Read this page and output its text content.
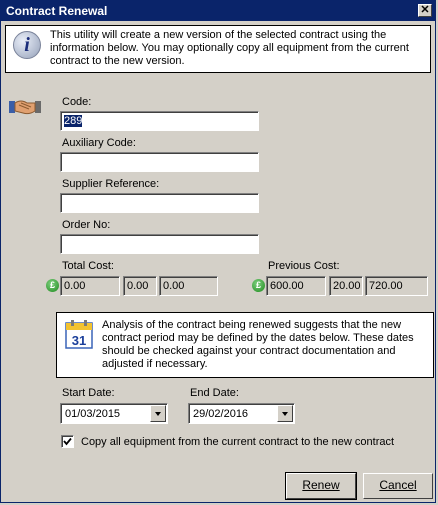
Contract Renewal	✕
i	This utility will create a new version of the selected contract using the information below. You may optionally copy all equipment from the current contract to the new version.
Code:
289
Auxiliary Code:
Supplier Reference:
Order No:
Total Cost:
£ 0.00	0.00	0.00
Previous Cost:
£ 600.00	20.00 720.00
31
Analysis of the contract being renewed suggests that the new contract period may be defined by the dates below. These dates should be checked against your contract documentation and adjusted if necessary.
Start Date:
01/03/2015
End Date:
29/02/2016
Copy all equipment from the current contract to the new contract
Renew	Cancel
